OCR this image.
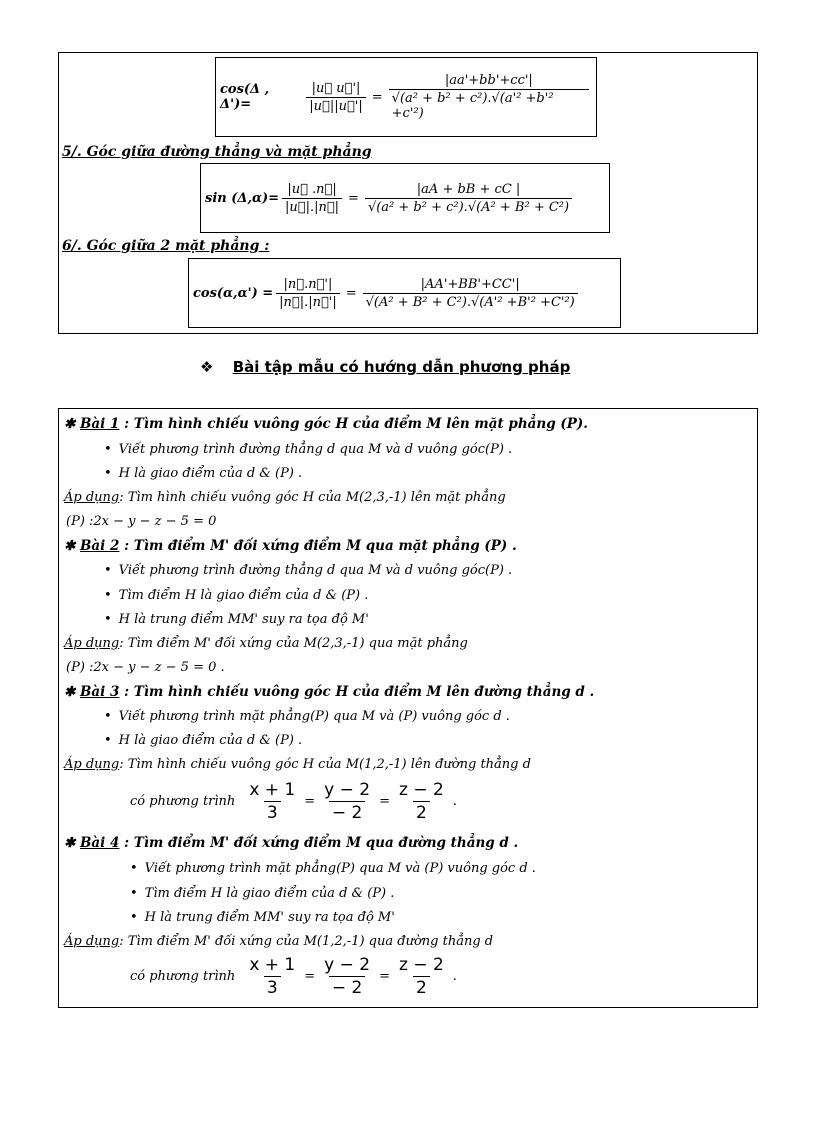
cos(Δ , Δ')=	$\frac{|u⃗ u⃗'|}{|u⃗||u⃗'|} = \frac{|aa'+bb'+cc'|}{\text{√(a² + b² + c²).√(a'² +b'² +c'²)}}$
5/. Góc giữa đường thẳng và mặt phẳng
$\sin (\Delta,\alpha)= \frac{|u⃗ .n⃗|}{|u⃗|.|n⃗|} = \frac{|aA + bB + cC |}{\text{√(a² + b² + c²).√(A² + B² + C²)}}$
6/. Góc giữa 2 mặt phẳng :
$\cos(\alpha,\alpha') = \frac{|n⃗.n⃗'|}{|n⃗|.|n⃗'|} = \frac{|AA'+BB'+CC'|}{\text{√(A² + B² + C²).√(A'² +B'² +C'²)}}$
❖ Bài tập mẫu có hướng dẫn phương pháp
✱ Bài 1 : Tìm hình chiếu vuông góc H của điểm M lên mặt phẳng (P).
• Viết phương trình đường thẳng d qua M và d vuông góc(P) .
• H là giao điểm của d & (P) .
Áp dụng: Tìm hình chiếu vuông góc H của M(2,3,-1) lên mặt phẳng
(P) :2x − y − z − 5 = 0
✱ Bài 2 : Tìm điểm M' đối xứng điểm M qua mặt phẳng (P) .
• Viết phương trình đường thẳng d qua M và d vuông góc(P) .
• Tìm điểm H là giao điểm của d & (P) .
• H là trung điểm MM' suy ra tọa độ M'
Áp dụng: Tìm điểm M' đối xứng của M(2,3,-1) qua mặt phẳng
(P) :2x − y − z − 5 = 0 .
✱ Bài 3 : Tìm hình chiếu vuông góc H của điểm M lên đường thẳng d .
• Viết phương trình mặt phẳng(P) qua M và (P) vuông góc d .
• H là giao điểm của d & (P) .
Áp dụng: Tìm hình chiếu vuông góc H của M(1,2,-1) lên đường thẳng d
có phương trình $\frac{x + 1}{3} = \frac{y - 2}{- 2} = \frac{z - 2}{2}$ .
✱ Bài 4 : Tìm điểm M' đối xứng điểm M qua đường thẳng d .
• Viết phương trình mặt phẳng(P) qua M và (P) vuông góc d .
• Tìm điểm H là giao điểm của d & (P) .
• H là trung điểm MM' suy ra tọa độ M'
Áp dụng: Tìm điểm M' đối xứng của M(1,2,-1) qua đường thẳng d
có phương trình $\frac{x + 1}{3} = \frac{y - 2}{- 2} = \frac{z - 2}{2}$ .
